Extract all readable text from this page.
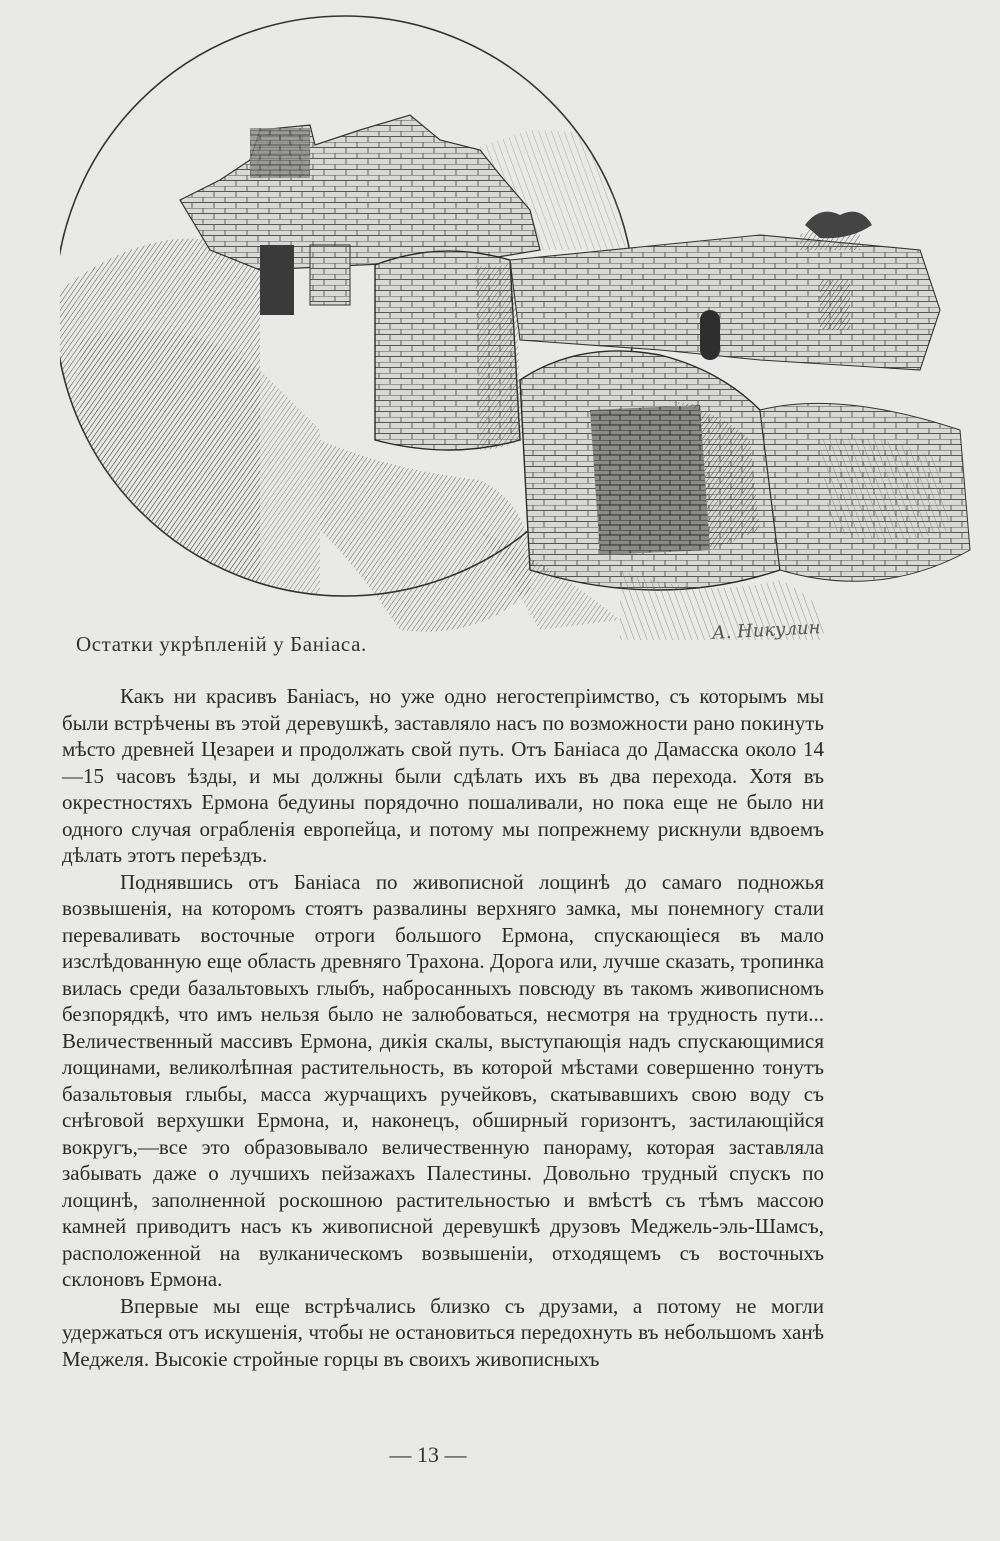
Остатки укрѣпленій у Баніаса.
А. Никулин

Какъ ни красивъ Баніасъ, но уже одно негостепріимство, съ которымъ мы были встрѣчены въ этой деревушкѣ, заставляло насъ по возможности рано покинуть мѣсто древней Цезареи и продолжать свой путь. Отъ Баніаса до Дамасска около 14—15 часовъ ѣзды, и мы должны были сдѣлать ихъ въ два перехода. Хотя въ окрестностяхъ Ермона бедуины порядочно пошаливали, но пока еще не было ни одного случая ограбленія европейца, и потому мы попрежнему рискнули вдвоемъ дѣлать этотъ переѣздъ.

Поднявшись отъ Баніаса по живописной лощинѣ до самаго подножья возвышенія, на которомъ стоятъ развалины верхняго замка, мы понемногу стали переваливать восточные отроги большого Ермона, спускающіеся въ мало изслѣдованную еще область древняго Трахона. Дорога или, лучше сказать, тропинка вилась среди базальтовыхъ глыбъ, набросанныхъ повсюду въ такомъ живописномъ безпорядкѣ, что имъ нельзя было не залюбоваться, несмотря на трудность пути... Величественный массивъ Ермона, дикія скалы, выступающія надъ спускающимися лощинами, великолѣпная растительность, въ которой мѣстами совершенно тонутъ базальтовыя глыбы, масса журчащихъ ручейковъ, скатывавшихъ свою воду съ снѣговой верхушки Ермона, и, наконецъ, обширный горизонтъ, застилающійся вокругъ,—все это образовывало величественную панораму, которая заставляла забывать даже о лучшихъ пейзажахъ Палестины. Довольно трудный спускъ по лощинѣ, заполненной роскошною растительностью и вмѣстѣ съ тѣмъ массою камней приводитъ насъ къ живописной деревушкѣ друзовъ Меджель-эль-Шамсъ, расположенной на вулканическомъ возвышеніи, отходящемъ съ восточныхъ склоновъ Ермона.

Впервые мы еще встрѣчались близко съ друзами, а потому не могли удержаться отъ искушенія, чтобы не остановиться передохнуть въ небольшомъ ханѣ Меджеля. Высокіе стройные горцы въ своихъ живописныхъ

— 13 —
